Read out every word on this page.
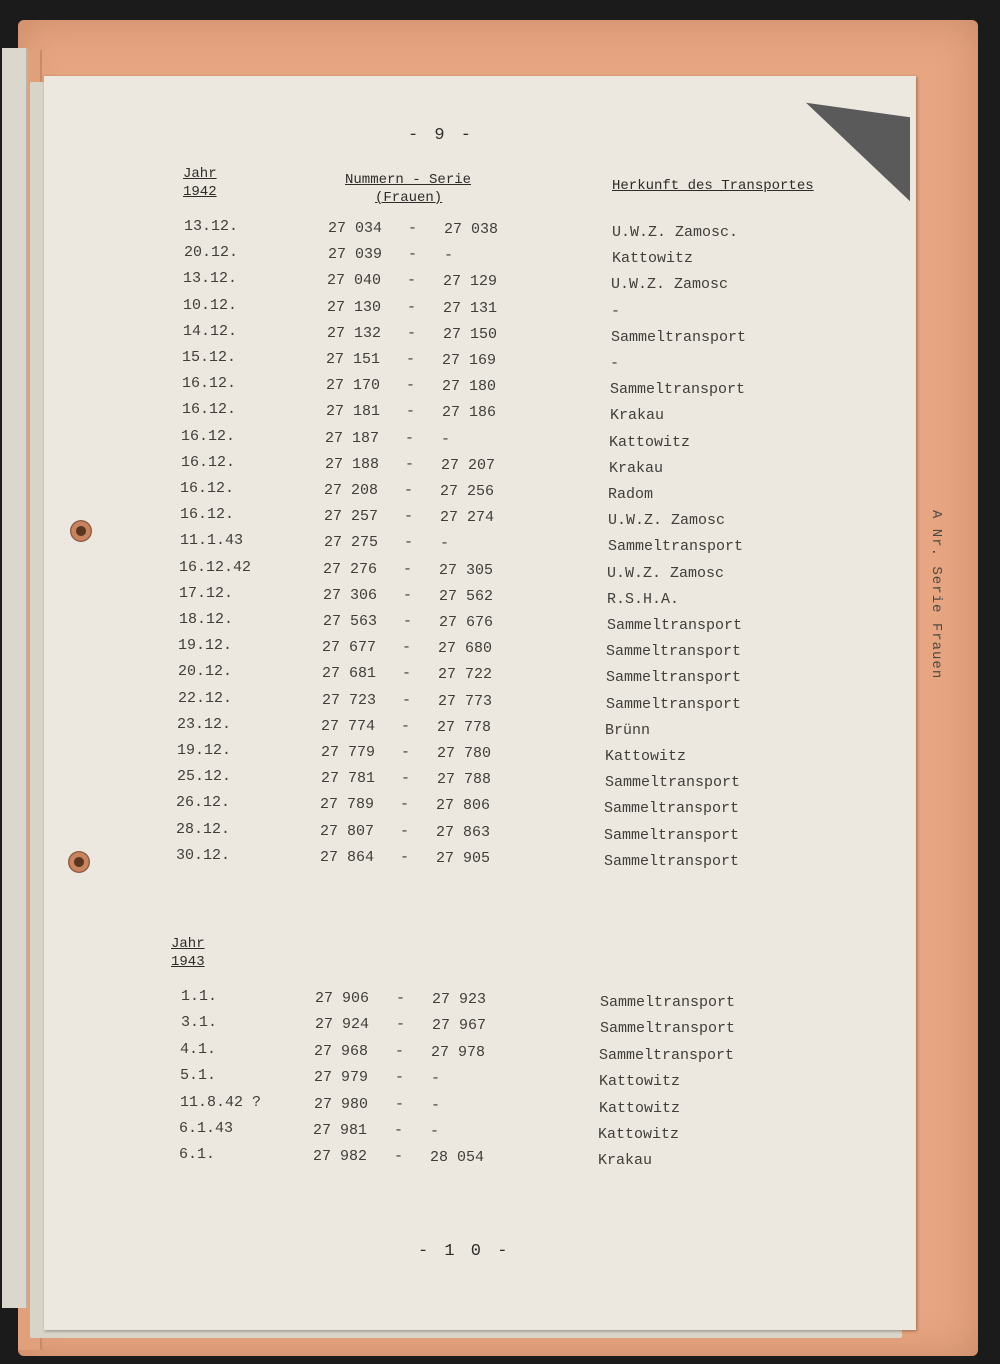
A Nr. Serie Frauen
- 9 -
Jahr
1942
Nummern - Serie
(Frauen)
Herkunft des Transportes
13.12.	27 034 - 27 038	U.W.Z. Zamosc.
20.12.	27 039 - -	Kattowitz
13.12.	27 040 - 27 129	U.W.Z. Zamosc
10.12.	27 130 - 27 131	-
14.12.	27 132 - 27 150	Sammeltransport
15.12.	27 151 - 27 169	-
16.12.	27 170 - 27 180	Sammeltransport
16.12.	27 181 - 27 186	Krakau
16.12.	27 187 - -	Kattowitz
16.12.	27 188 - 27 207	Krakau
16.12.	27 208 - 27 256	Radom
16.12.	27 257 - 27 274	U.W.Z. Zamosc
11.1.43	27 275 - -	Sammeltransport
16.12.42	27 276 - 27 305	U.W.Z. Zamosc
17.12.	27 306 - 27 562	R.S.H.A.
18.12.	27 563 - 27 676	Sammeltransport
19.12.	27 677 - 27 680	Sammeltransport
20.12.	27 681 - 27 722	Sammeltransport
22.12.	27 723 - 27 773	Sammeltransport
23.12.	27 774 - 27 778	Brünn
19.12.	27 779 - 27 780	Kattowitz
25.12.	27 781 - 27 788	Sammeltransport
26.12.	27 789 - 27 806	Sammeltransport
28.12.	27 807 - 27 863	Sammeltransport
30.12.	27 864 - 27 905	Sammeltransport
Jahr
1943
1.1.	27 906 - 27 923	Sammeltransport
3.1.	27 924 - 27 967	Sammeltransport
4.1.	27 968 - 27 978	Sammeltransport
5.1.	27 979 - -	Kattowitz
11.8.42 ?	27 980 - -	Kattowitz
6.1.43	27 981 - -	Kattowitz
6.1.	27 982 - 28 054	Krakau
- 1 0 -
